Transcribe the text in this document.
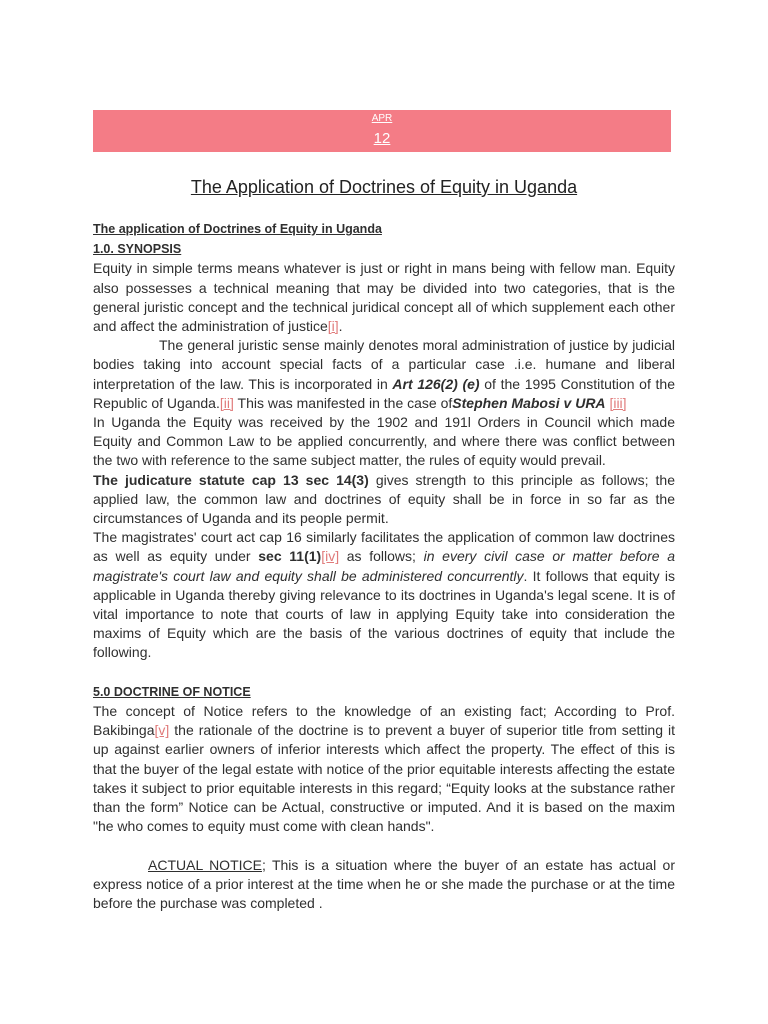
APR
12
The Application of Doctrines of Equity in Uganda

The application of Doctrines of Equity in Uganda

1.0. SYNOPSIS

Equity in simple terms means whatever is just or right in mans being with fellow man. Equity also possesses a technical meaning that may be divided into two categories, that is the general juristic concept and the technical juridical concept all of which supplement each other and affect the administration of justice[i].

The general juristic sense mainly denotes moral administration of justice by judicial bodies taking into account special facts of a particular case .i.e. humane and liberal interpretation of the law. This is incorporated in Art 126(2) (e) of the 1995 Constitution of the Republic of Uganda.[ii] This was manifested in the case ofStephen Mabosi v URA [iii]

In Uganda the Equity was received by the 1902 and 191l Orders in Council which made Equity and Common Law to be applied concurrently, and where there was conflict between the two with reference to the same subject matter, the rules of equity would prevail.

The judicature statute cap 13 sec 14(3) gives strength to this principle as follows; the applied law, the common law and doctrines of equity shall be in force in so far as the circumstances of Uganda and its people permit.

The magistrates' court act cap 16 similarly facilitates the application of common law doctrines as well as equity under sec 11(1)[iv] as follows; in every civil case or matter before a magistrate's court law and equity shall be administered concurrently. It follows that equity is applicable in Uganda thereby giving relevance to its doctrines in Uganda's legal scene. It is of vital importance to note that courts of law in applying Equity take into consideration the maxims of Equity which are the basis of the various doctrines of equity that include the following.

5.0 DOCTRINE OF NOTICE

The concept of Notice refers to the knowledge of an existing fact; According to Prof. Bakibinga[v] the rationale of the doctrine is to prevent a buyer of superior title from setting it up against earlier owners of inferior interests which affect the property. The effect of this is that the buyer of the legal estate with notice of the prior equitable interests affecting the estate takes it subject to prior equitable interests in this regard; “Equity looks at the substance rather than the form” Notice can be Actual, constructive or imputed. And it is based on the maxim "he who comes to equity must come with clean hands".

ACTUAL NOTICE; This is a situation where the buyer of an estate has actual or express notice of a prior interest at the time when he or she made the purchase or at the time before the purchase was completed .
